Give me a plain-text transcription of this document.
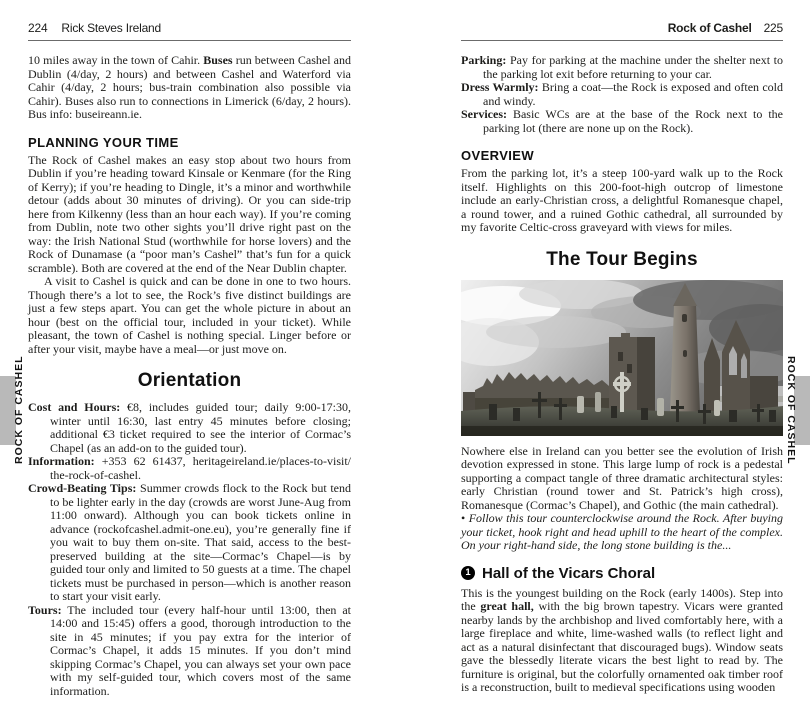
224 Rick Steves Ireland

10 miles away in the town of Cahir. Buses run between Cashel and Dublin (4/day, 2 hours) and between Cashel and Waterford via Cahir (4/day, 2 hours; bus-train combination also possible via Cahir). Buses also run to connections in Limerick (6/day, 2 hours). Bus info: buseireann.ie.

PLANNING YOUR TIME

The Rock of Cashel makes an easy stop about two hours from Dublin if you’re heading toward Kinsale or Kenmare (for the Ring of Kerry); if you’re heading to Dingle, it’s a minor and worthwhile detour (adds about 30 minutes of driving). Or you can side-trip here from Kilkenny (less than an hour each way). If you’re coming from Dublin, note two other sights you’ll drive right past on the way: the Irish National Stud (worthwhile for horse lovers) and the Rock of Dunamase (a “poor man’s Cashel” that’s fun for a quick scramble). Both are covered at the end of the Near Dublin chapter.

A visit to Cashel is quick and can be done in one to two hours. Though there’s a lot to see, the Rock’s five distinct buildings are just a few steps apart. You can get the whole picture in about an hour (best on the official tour, included in your ticket). While pleasant, the town of Cashel is nothing special. Linger before or after your visit, maybe have a meal—or just move on.

Orientation

Cost and Hours: €8, includes guided tour; daily 9:00-17:30, winter until 16:30, last entry 45 minutes before closing; additional €3 ticket required to see the interior of Cormac’s Chapel (as an add-on to the guided tour).

Information: +353 62 61437, heritageireland.ie/places-to-visit/​the-rock-of-cashel.

Crowd-Beating Tips: Summer crowds flock to the Rock but tend to be lighter early in the day (crowds are worst June-Aug from 11:00 onward). Although you can book tickets online in advance (rockofcashel.admit-one.eu), you’re generally fine if you wait to buy them on-site. That said, access to the best-preserved building at the site—Cormac’s Chapel—is by guided tour only and limited to 50 guests at a time. The chapel tickets must be purchased in person—which is another reason to start your visit early.

Tours: The included tour (every half-hour until 13:00, then at 14:00 and 15:45) offers a good, thorough introduction to the site in 45 minutes; if you pay extra for the interior of Cormac’s Chapel, it adds 15 minutes. If you don’t mind skipping Cormac’s Chapel, you can always set your own pace with my self-guided tour, which covers most of the same information.

Rock of Cashel 225

Parking: Pay for parking at the machine under the shelter next to the parking lot exit before returning to your car.

Dress Warmly: Bring a coat—the Rock is exposed and often cold and windy.

Services: Basic WCs are at the base of the Rock next to the parking lot (there are none up on the Rock).

OVERVIEW

From the parking lot, it’s a steep 100-yard walk up to the Rock itself. Highlights on this 200-foot-high outcrop of limestone include an early-Christian cross, a delightful Romanesque chapel, a round tower, and a ruined Gothic cathedral, all surrounded by my favorite Celtic-cross graveyard with views for miles.

The Tour Begins

Nowhere else in Ireland can you better see the evolution of Irish devotion expressed in stone. This large lump of rock is a pedestal supporting a compact tangle of three dramatic architectural styles: early Christian (round tower and St. Patrick’s high cross), Romanesque (Cormac’s Chapel), and Gothic (the main cathedral).

• Follow this tour counterclockwise around the Rock. After buying your ticket, hook right and head uphill to the heart of the complex. On your right-hand side, the long stone building is the...

1 Hall of the Vicars Choral

This is the youngest building on the Rock (early 1400s). Step into the great hall, with the big brown tapestry. Vicars were granted nearby lands by the archbishop and lived comfortably here, with a large fireplace and white, lime-washed walls (to reflect light and act as a natural disinfectant that discouraged bugs). Window seats gave the blessedly literate vicars the best light to read by. The furniture is original, but the colorfully ornamented oak timber roof is a reconstruction, built to medieval specifications using wooden

ROCK OF CASHEL	ROCK OF CASHEL
